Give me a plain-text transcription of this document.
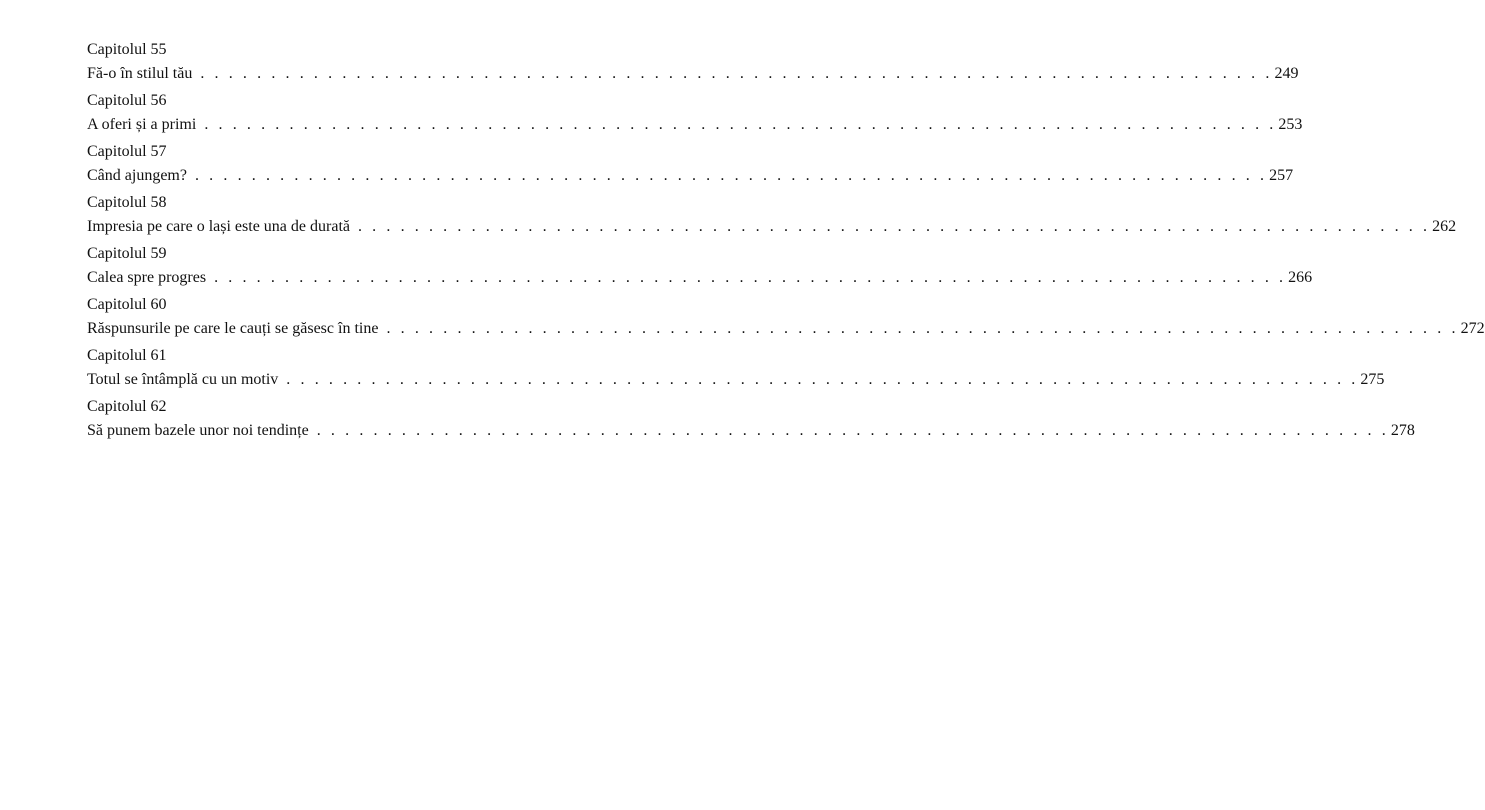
Capitolul 55
Fă-o în stilul tău . . . . . . . . . . . . . . . . . . . . . . . . . . . . . . . . . . . . . . . . . . . . . . . . . . . . . . . . . . . . . . . . . . . . . . . . . . . . 249
Capitolul 56
A oferi și a primi . . . . . . . . . . . . . . . . . . . . . . . . . . . . . . . . . . . . . . . . . . . . . . . . . . . . . . . . . . . . . . . . . . . . . . . . . . . . 253
Capitolul 57
Când ajungem? . . . . . . . . . . . . . . . . . . . . . . . . . . . . . . . . . . . . . . . . . . . . . . . . . . . . . . . . . . . . . . . . . . . . . . . . . . . . 257
Capitolul 58
Impresia pe care o lași este una de durată . . . . . . . . . . . . . . . . . . . . . . . . . . . . . . . . . . . . . . . . . . . . . . . . . . . . . . . . . . . . . . . . . . . . . . . . . . . . 262
Capitolul 59
Calea spre progres . . . . . . . . . . . . . . . . . . . . . . . . . . . . . . . . . . . . . . . . . . . . . . . . . . . . . . . . . . . . . . . . . . . . . . . . . . . . 266
Capitolul 60
Răspunsurile pe care le cauți se găsesc în tine . . . . . . . . . . . . . . . . . . . . . . . . . . . . . . . . . . . . . . . . . . . . . . . . . . . . . . . . . . . . . . . . . . . . . . . . . . . . 272
Capitolul 61
Totul se întâmplă cu un motiv . . . . . . . . . . . . . . . . . . . . . . . . . . . . . . . . . . . . . . . . . . . . . . . . . . . . . . . . . . . . . . . . . . . . . . . . . . . . 275
Capitolul 62
Să punem bazele unor noi tendințe . . . . . . . . . . . . . . . . . . . . . . . . . . . . . . . . . . . . . . . . . . . . . . . . . . . . . . . . . . . . . . . . . . . . . . . . . . . . 278
